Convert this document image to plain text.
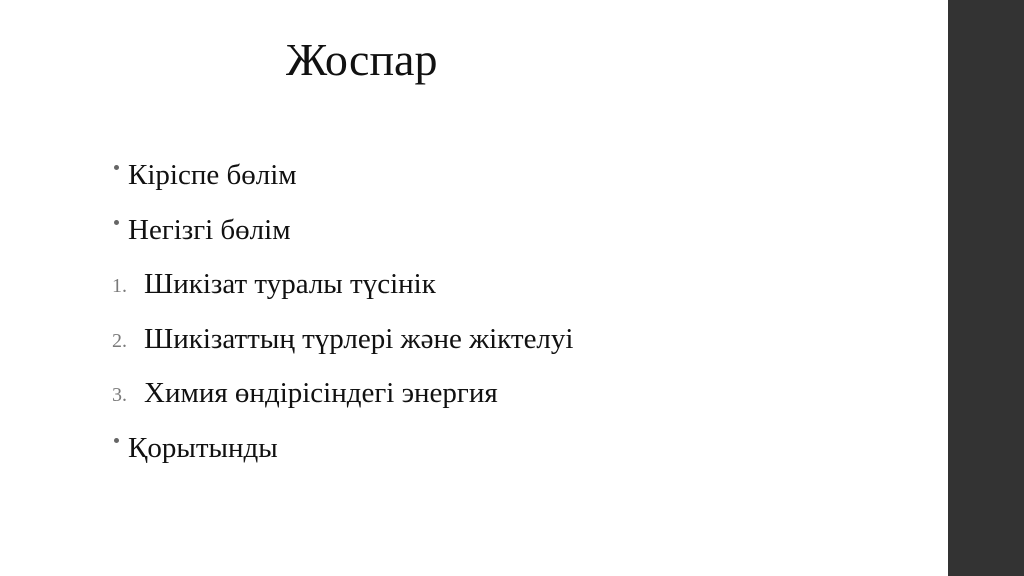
Жоспар
Кіріспе бөлім
Негізгі бөлім
1. Шикізат туралы түсінік
2. Шикізаттың түрлері және жіктелуі
3. Химия өндірісіндегі энергия
Қорытынды
